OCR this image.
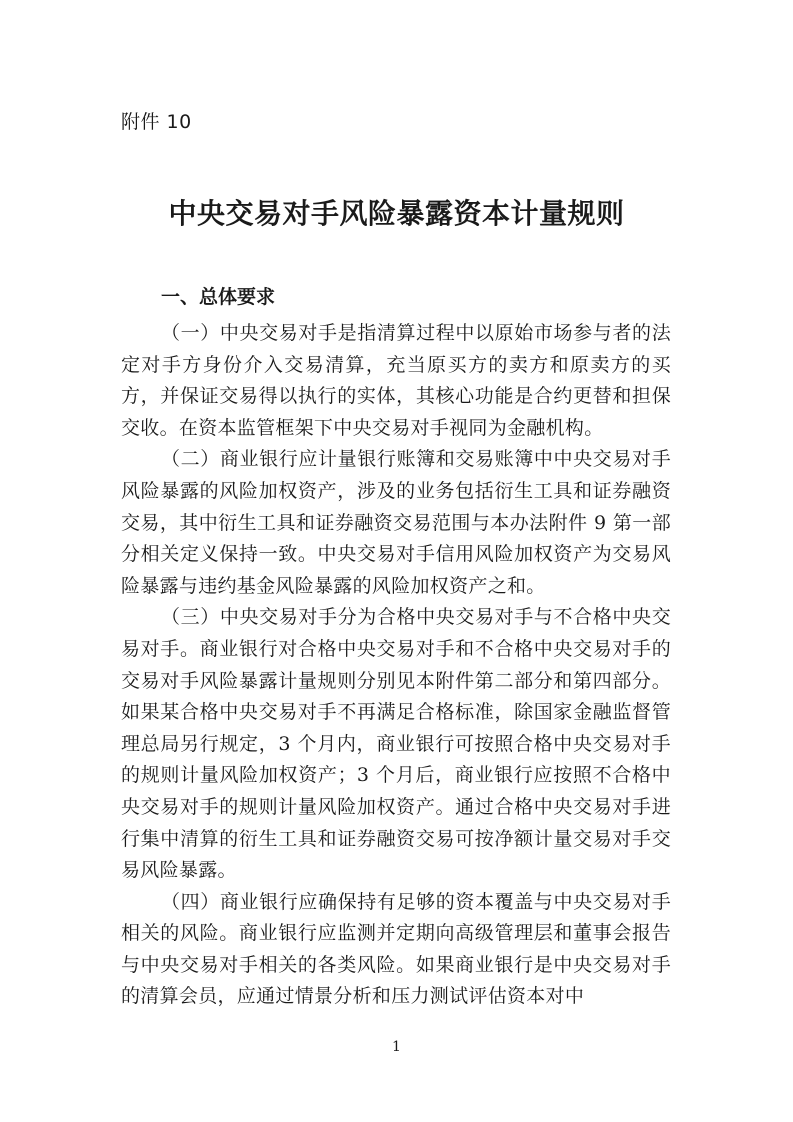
附件 10
中央交易对手风险暴露资本计量规则
一、总体要求

（一）中央交易对手是指清算过程中以原始市场参与者的法定对手方身份介入交易清算，充当原买方的卖方和原卖方的买方，并保证交易得以执行的实体，其核心功能是合约更替和担保交收。在资本监管框架下中央交易对手视同为金融机构。

（二）商业银行应计量银行账簿和交易账簿中中央交易对手风险暴露的风险加权资产，涉及的业务包括衍生工具和证券融资交易，其中衍生工具和证券融资交易范围与本办法附件 9 第一部分相关定义保持一致。中央交易对手信用风险加权资产为交易风险暴露与违约基金风险暴露的风险加权资产之和。

（三）中央交易对手分为合格中央交易对手与不合格中央交易对手。商业银行对合格中央交易对手和不合格中央交易对手的交易对手风险暴露计量规则分别见本附件第二部分和第四部分。如果某合格中央交易对手不再满足合格标准，除国家金融监督管理总局另行规定，3 个月内，商业银行可按照合格中央交易对手的规则计量风险加权资产；3 个月后，商业银行应按照不合格中央交易对手的规则计量风险加权资产。通过合格中央交易对手进行集中清算的衍生工具和证券融资交易可按净额计量交易对手交易风险暴露。

（四）商业银行应确保持有足够的资本覆盖与中央交易对手相关的风险。商业银行应监测并定期向高级管理层和董事会报告与中央交易对手相关的各类风险。如果商业银行是中央交易对手的清算会员，应通过情景分析和压力测试评估资本对中

1
